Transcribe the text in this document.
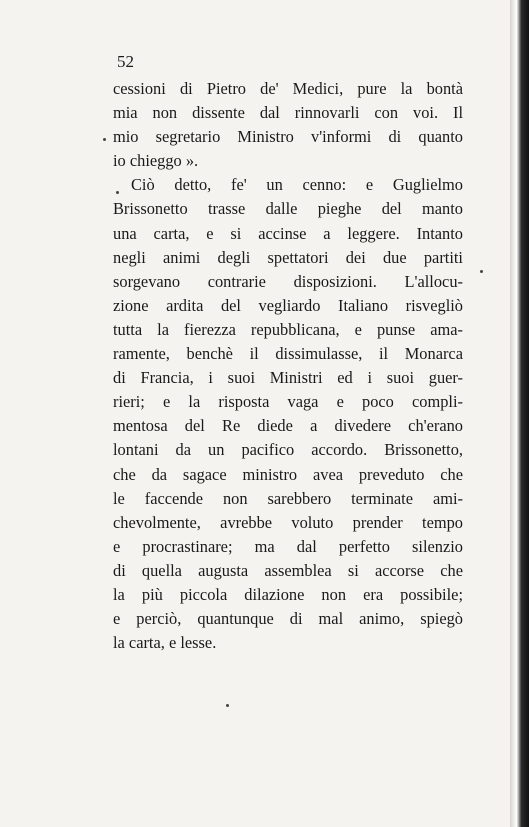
52
cessioni di Pietro de' Medici, pure la bontà
mia non dissente dal rinnovarli con voi. Il
mio segretario Ministro v'informi di quanto
io chieggo ».
Ciò detto, fe' un cenno: e Guglielmo
Brissonetto trasse dalle pieghe del manto
una carta, e si accinse a leggere. Intanto
negli animi degli spettatori dei due partiti
sorgevano contrarie disposizioni. L'allocu-
zione ardita del vegliardo Italiano risvegliò
tutta la fierezza repubblicana, e punse ama-
ramente, benchè il dissimulasse, il Monarca
di Francia, i suoi Ministri ed i suoi guer-
rieri; e la risposta vaga e poco compli-
mentosa del Re diede a divedere ch'erano
lontani da un pacifico accordo. Brissonetto,
che da sagace ministro avea preveduto che
le faccende non sarebbero terminate ami-
chevolmente, avrebbe voluto prender tempo
e procrastinare; ma dal perfetto silenzio
di quella augusta assemblea si accorse che
la più piccola dilazione non era possibile;
e perciò, quantunque di mal animo, spiegò
la carta, e lesse.
